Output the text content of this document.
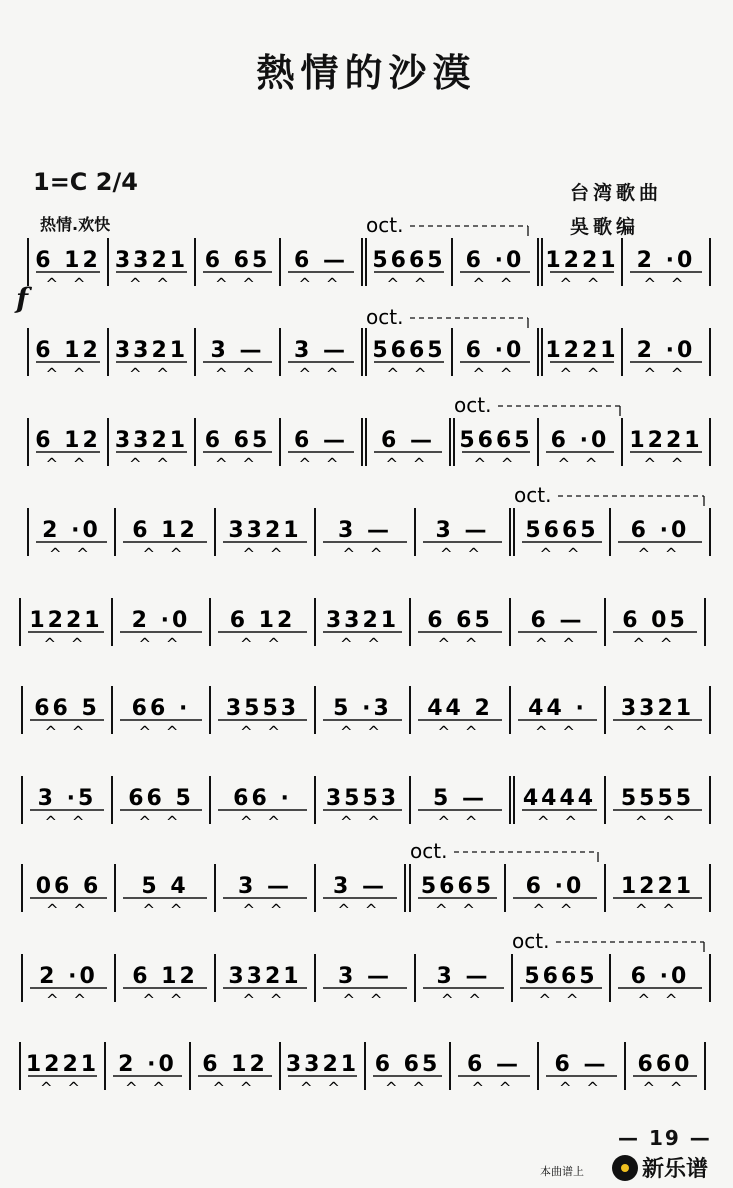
熱情的沙漠
1=C 2/4	台湾歌曲
吳歌编
热情.欢快
f
6 12
^ ^
3321
^ ^
6 65
^ ^
6 —
^ ^
5665
^ ^
6 ·0
^ ^
1221
^ ^
2 ·0
^ ^
oct.
6 12
^ ^
3321
^ ^
3 —
^ ^
3 —
^ ^
5665
^ ^
6 ·0
^ ^
1221
^ ^
2 ·0
^ ^
oct.
6 12
^ ^
3321
^ ^
6 65
^ ^
6 —
^ ^
6 —
^ ^
5665
^ ^
6 ·0
^ ^
1221
^ ^
oct.
2 ·0
^ ^
6 12
^ ^
3321
^ ^
3 —
^ ^
3 —
^ ^
5665
^ ^
6 ·0
^ ^
oct.
1221
^ ^
2 ·0
^ ^
6 12
^ ^
3321
^ ^
6 65
^ ^
6 —
^ ^
6 05
^ ^
66 5
^ ^
66 ·
^ ^
3553
^ ^
5 ·3
^ ^
44 2
^ ^
44 ·
^ ^
3321
^ ^
3 ·5
^ ^
66 5
^ ^
66 ·
^ ^
3553
^ ^
5 —
^ ^
4444
^ ^
5555
^ ^
06 6
^ ^
5 4
^ ^
3 —
^ ^
3 —
^ ^
5665
^ ^
6 ·0
^ ^
1221
^ ^
oct.
2 ·0
^ ^
6 12
^ ^
3321
^ ^
3 —
^ ^
3 —
^ ^
5665
^ ^
6 ·0
^ ^
oct.
1221
^ ^
2 ·0
^ ^
6 12
^ ^
3321
^ ^
6 65
^ ^
6 —
^ ^
6 —
^ ^
660
^ ^
— 19 —
本曲谱上	新乐谱
